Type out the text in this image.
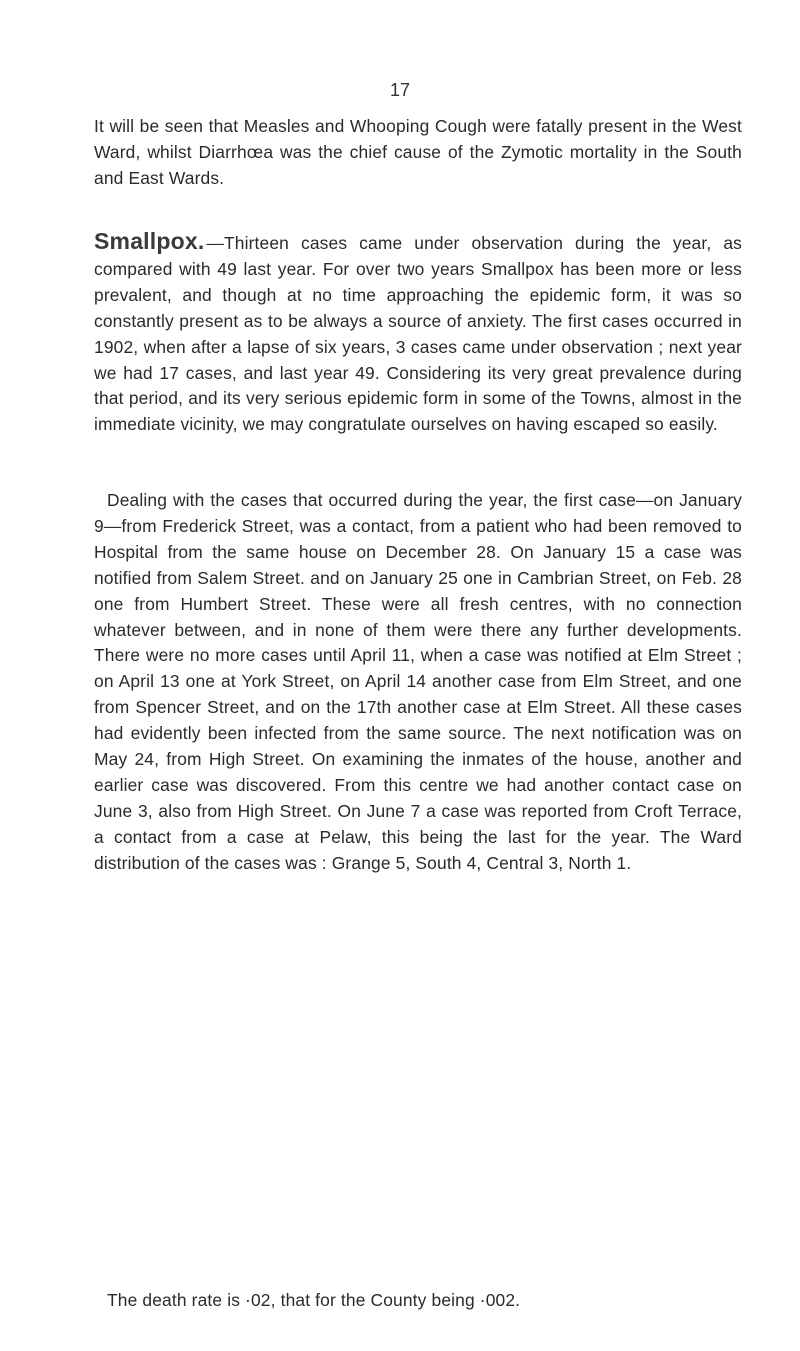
17

It will be seen that Measles and Whooping Cough were fatally present in the West Ward, whilst Diarrhœa was the chief cause of the Zymotic mortality in the South and East Wards.

Smallpox. —Thirteen cases came under observation during the year, as compared with 49 last year. For over two years Smallpox has been more or less prevalent, and though at no time approaching the epidemic form, it was so constantly present as to be always a source of anxiety. The first cases occurred in 1902, when after a lapse of six years, 3 cases came under observation ; next year we had 17 cases, and last year 49. Considering its very great prevalence during that period, and its very serious epidemic form in some of the Towns, almost in the immediate vicinity, we may congratulate ourselves on having escaped so easily.

Dealing with the cases that occurred during the year, the first case—on January 9—from Frederick Street, was a contact, from a patient who had been removed to Hospital from the same house on December 28. On January 15 a case was notified from Salem Street. and on January 25 one in Cambrian Street, on Feb. 28 one from Humbert Street. These were all fresh centres, with no connection whatever between, and in none of them were there any further developments. There were no more cases until April 11, when a case was notified at Elm Street ; on April 13 one at York Street, on April 14 another case from Elm Street, and one from Spencer Street, and on the 17th another case at Elm Street. All these cases had evidently been infected from the same source. The next notification was on May 24, from High Street. On examining the inmates of the house, another and earlier case was discovered. From this centre we had another contact case on June 3, also from High Street. On June 7 a case was reported from Croft Terrace, a contact from a case at Pelaw, this being the last for the year. The Ward distribution of the cases was : Grange 5, South 4, Central 3, North 1.

The death rate is ·02, that for the County being ·002.
